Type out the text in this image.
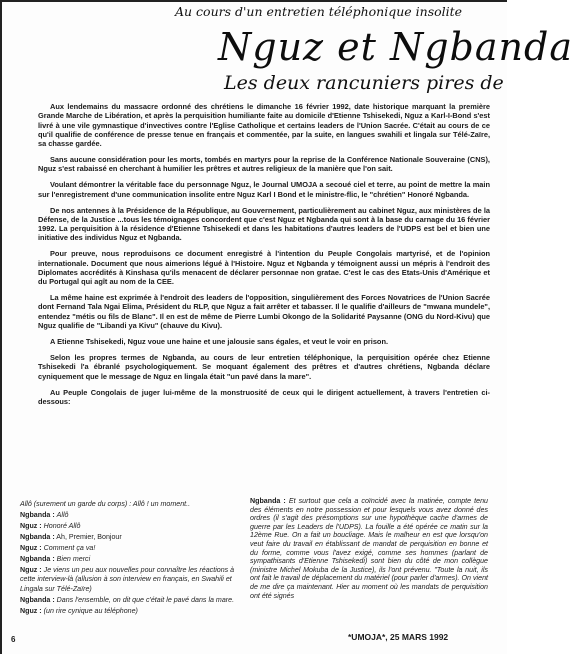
Au cours d'un entretien téléphonique insolite
Nguz et Ngbanda
Les deux rancuniers pires de

Aux lendemains du massacre ordonné des chrétiens le dimanche 16 février 1992, date historique marquant la première Grande Marche de Libération, et après la perquisition humiliante faite au domicile d'Etienne Tshisekedi, Nguz a Karl-I-Bond s'est livré à une vile gymnastique d'invectives contre l'Eglise Catholique et certains leaders de l'Union Sacrée. C'était au cours de ce qu'il qualifie de conférence de presse tenue en français et commentée, par la suite, en langues swahili et lingala sur Télé-Zaïre, sa chasse gardée.

Sans aucune considération pour les morts, tombés en martyrs pour la reprise de la Conférence Nationale Souveraine (CNS), Nguz s'est rabaissé en cherchant à humilier les prêtres et autres religieux de la manière que l'on sait.

Voulant démontrer la véritable face du personnage Nguz, le Journal UMOJA a secoué ciel et terre, au point de mettre la main sur l'enregistrement d'une communication insolite entre Nguz Karl I Bond et le ministre-flic, le "chrétien" Honoré Ngbanda.

De nos antennes à la Présidence de la République, au Gouvernement, particulièrement au cabinet Nguz, aux ministères de la Défense, de la Justice ...tous les témoignages concordent que c'est Nguz et Ngbanda qui sont à la base du carnage du 16 février 1992. La perquisition à la résidence d'Etienne Tshisekedi et dans les habitations d'autres leaders de l'UDPS est bel et bien une initiative des individus Nguz et Ngbanda.

Pour preuve, nous reproduisons ce document enregistré à l'intention du Peuple Congolais martyrisé, et de l'opinion internationale. Document que nous aimerions légué à l'Histoire. Nguz et Ngbanda y témoignent aussi un mépris à l'endroit des Diplomates accrédités à Kinshasa qu'ils menacent de déclarer personnae non gratae. C'est le cas des Etats-Unis d'Amérique et du Portugal qui agît au nom de la CEE.

La même haine est exprimée à l'endroit des leaders de l'opposition, singulièrement des Forces Novatrices de l'Union Sacrée dont Fernand Tala Ngai Elima, Président du RLP, que Nguz a fait arrêter et tabasser. Il le qualifie d'ailleurs de "mwana mundele", entendez "métis ou fils de Blanc". Il en est de même de Pierre Lumbi Okongo de la Solidarité Paysanne (ONG du Nord-Kivu) que Nguz qualifie de "Libandi ya Kivu" (chauve du Kivu).

A Etienne Tshisekedi, Nguz voue une haine et une jalousie sans égales, et veut le voir en prison.

Selon les propres termes de Ngbanda, au cours de leur entretien téléphonique, la perquisition opérée chez Etienne Tshisekedi l'a ébranlé psychologiquement. Se moquant également des prêtres et d'autres chrétiens, Ngbanda déclare cyniquement que le message de Nguz en lingala était "un pavé dans la mare".

Au Peuple Congolais de juger lui-même de la monstruosité de ceux qui le dirigent actuellement, à travers l'entretien ci-dessous:

Allô (surement un garde du corps) : Allô ! un moment..

Ngbanda : Allô

Nguz : Honoré Allô

Ngbanda : Ah, Premier, Bonjour

Nguz : Comment ça va!

Ngbanda : Bien merci

Nguz : Je viens un peu aux nouvelles pour connaître les réactions à cette interview-là (allusion à son interview en français, en Swahili et Lingala sur Télé-Zaïre)

Ngbanda : Dans l'ensemble, on dit que c'était le pavé dans la mare.

Nguz : (un rire cynique au téléphone)

Ngbanda : Et surtout que cela a coïncidé avec la matinée, compte tenu des éléments en notre possession et pour lesquels vous avez donné des ordres (il s'agit des présomptions sur une hypothèque cache d'armes de guerre par les Leaders de l'UDPS). La fouille a été opérée ce matin sur la 12ème Rue. On a fait un boucliage. Mais le malheur en est que lorsqu'on veut faire du travail en établissant de mandat de perquisition en bonne et du forme, comme vous l'avez exigé, comme ses hommes (parlant de sympathisants d'Etienne Tshisekedi) sont bien du côté de mon collègue (ministre Michel Mokuba de la Justice), ils l'ont prévenu. "Toute la nuit, ils ont fait le travail de déplacement du matériel (pour parler d'armes). On vient de me dire ça maintenant. Hier au moment où les mandats de perquisition ont été signés
6	*UMOJA*, 25 MARS 1992
